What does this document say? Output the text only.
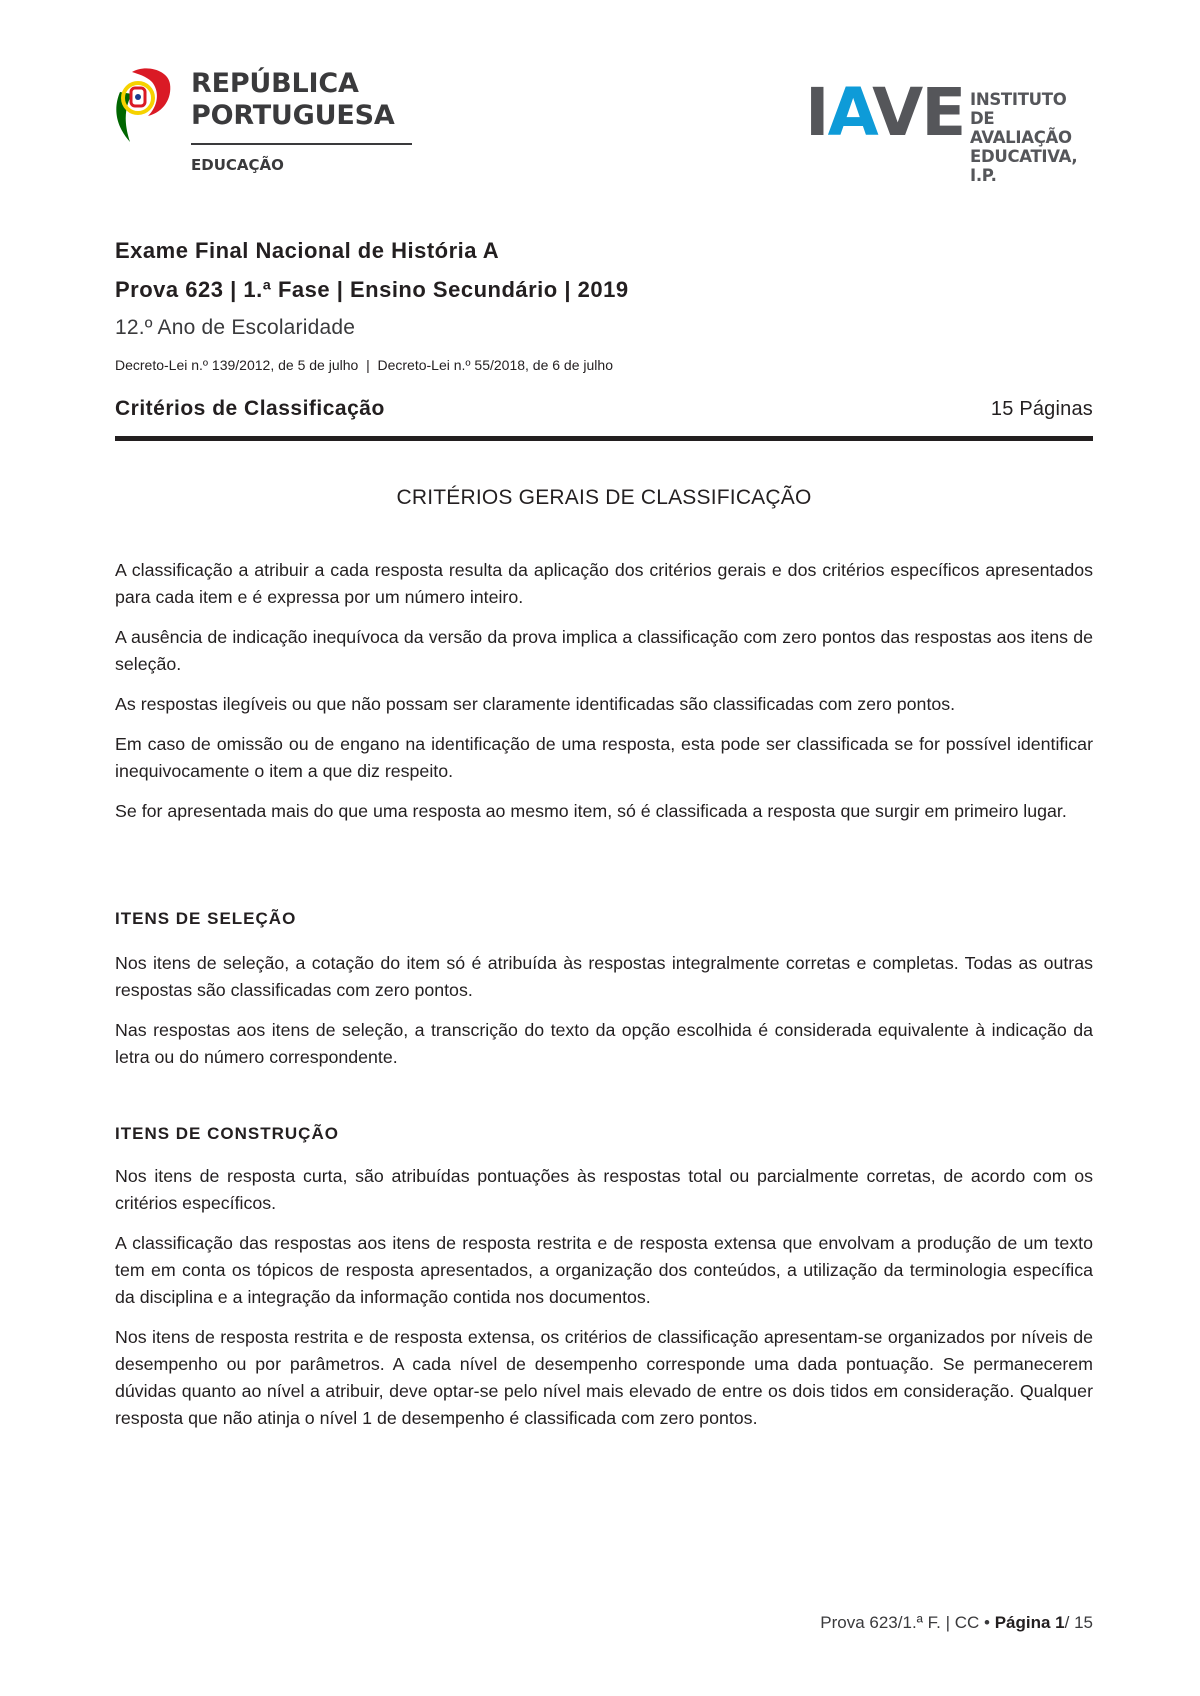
REPÚBLICA
PORTUGUESA
EDUCAÇÃO
IAVE INSTITUTO
DE AVALIAÇÃO
EDUCATIVA, I.P.
Exame Final Nacional de História A
Prova 623 | 1.ª Fase | Ensino Secundário | 2019
12.º Ano de Escolaridade
Decreto-Lei n.º 139/2012, de 5 de julho  |  Decreto-Lei n.º 55/2018, de 6 de julho
Critérios de Classificação	15 Páginas
CRITÉRIOS GERAIS DE CLASSIFICAÇÃO

A classificação a atribuir a cada resposta resulta da aplicação dos critérios gerais e dos critérios específicos apresentados para cada item e é expressa por um número inteiro.

A ausência de indicação inequívoca da versão da prova implica a classificação com zero pontos das respostas aos itens de seleção.

As respostas ilegíveis ou que não possam ser claramente identificadas são classificadas com zero pontos.

Em caso de omissão ou de engano na identificação de uma resposta, esta pode ser classificada se for possível identificar inequivocamente o item a que diz respeito.

Se for apresentada mais do que uma resposta ao mesmo item, só é classificada a resposta que surgir em primeiro lugar.

ITENS DE SELEÇÃO

Nos itens de seleção, a cotação do item só é atribuída às respostas integralmente corretas e completas. Todas as outras respostas são classificadas com zero pontos.

Nas respostas aos itens de seleção, a transcrição do texto da opção escolhida é considerada equivalente à indicação da letra ou do número correspondente.

ITENS DE CONSTRUÇÃO

Nos itens de resposta curta, são atribuídas pontuações às respostas total ou parcialmente corretas, de acordo com os critérios específicos.

A classificação das respostas aos itens de resposta restrita e de resposta extensa que envolvam a produção de um texto tem em conta os tópicos de resposta apresentados, a organização dos conteúdos, a utilização da terminologia específica da disciplina e a integração da informação contida nos documentos.

Nos itens de resposta restrita e de resposta extensa, os critérios de classificação apresentam-se organizados por níveis de desempenho ou por parâmetros. A cada nível de desempenho corresponde uma dada pontuação. Se permanecerem dúvidas quanto ao nível a atribuir, deve optar-se pelo nível mais elevado de entre os dois tidos em consideração. Qualquer resposta que não atinja o nível 1 de desempenho é classificada com zero pontos.

Prova 623/1.ª F. | CC • Página 1/ 15
